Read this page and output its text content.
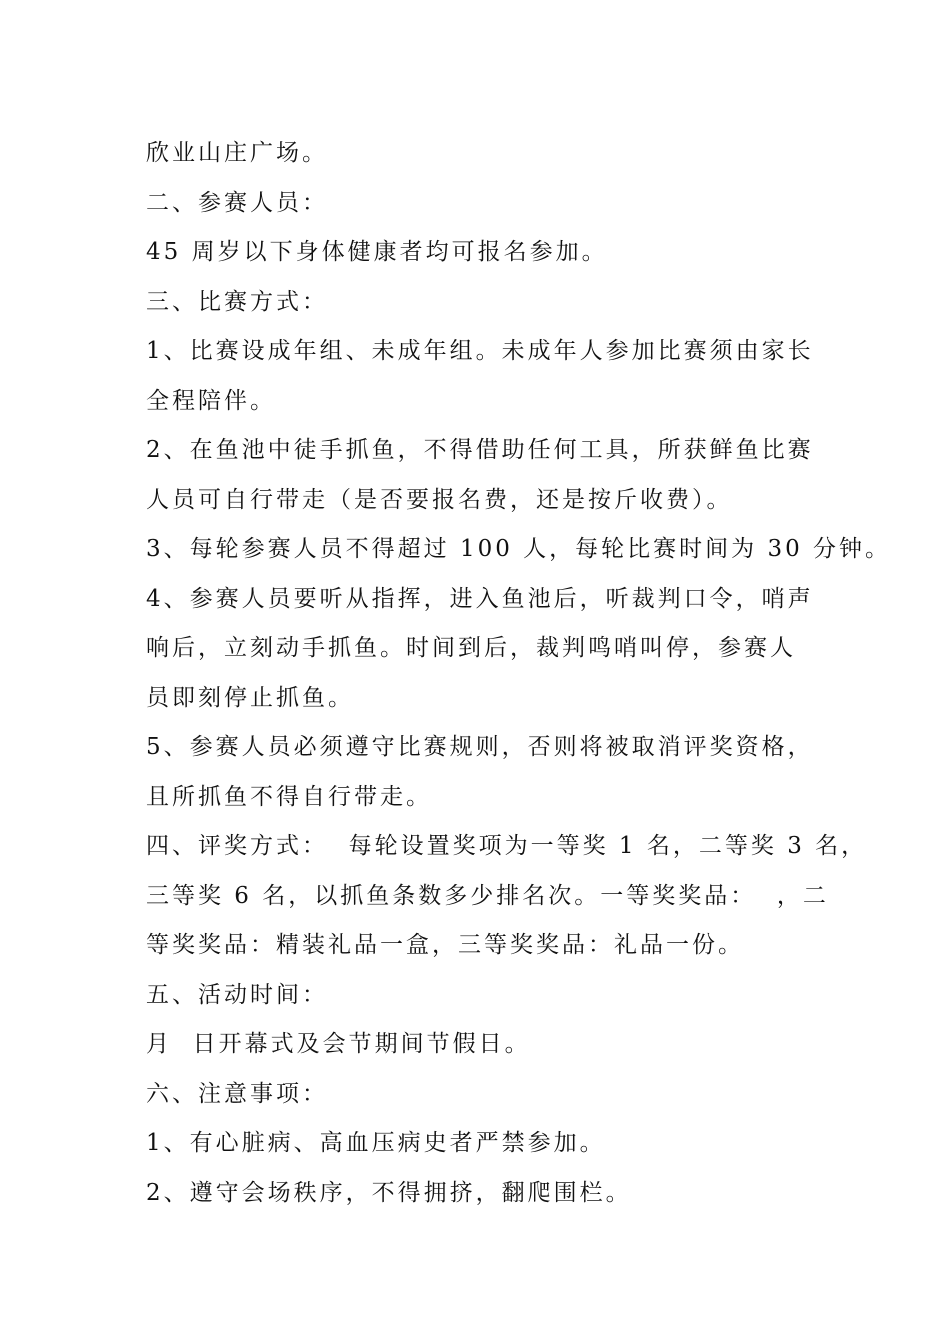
欣业山庄广场。
二、参赛人员：
45 周岁以下身体健康者均可报名参加。
三、比赛方式：
1、比赛设成年组、未成年组。未成年人参加比赛须由家长
全程陪伴。
2、在鱼池中徒手抓鱼，不得借助任何工具，所获鲜鱼比赛
人员可自行带走（是否要报名费，还是按斤收费）。
3、每轮参赛人员不得超过 100 人，每轮比赛时间为 30 分钟。
4、参赛人员要听从指挥，进入鱼池后，听裁判口令，哨声
响后，立刻动手抓鱼。时间到后，裁判鸣哨叫停，参赛人
员即刻停止抓鱼。
5、参赛人员必须遵守比赛规则，否则将被取消评奖资格，
且所抓鱼不得自行带走。
四、评奖方式：  每轮设置奖项为一等奖 1 名，二等奖 3 名，
三等奖 6 名，以抓鱼条数多少排名次。一等奖奖品：  ，二
等奖奖品：精装礼品一盒，三等奖奖品：礼品一份。
五、活动时间：
月  日开幕式及会节期间节假日。
六、注意事项：
1、有心脏病、高血压病史者严禁参加。
2、遵守会场秩序，不得拥挤，翻爬围栏。
